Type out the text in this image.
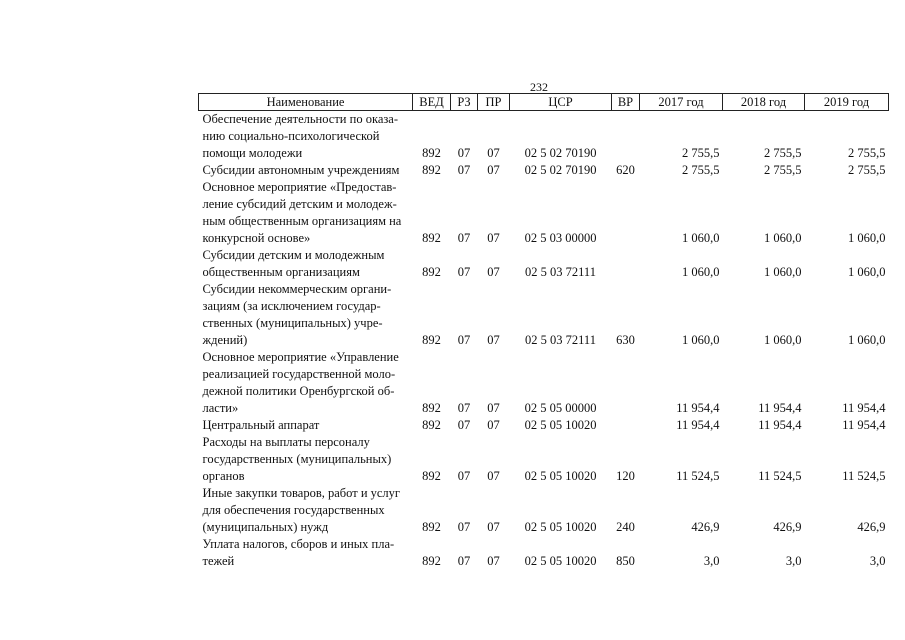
232
Наименование	ВЕД	РЗ	ПР	ЦСР	ВР	2017 год	2018 год	2019 год

Обеспечение деятельности по оказа-
нию социально-психологической
помощи молодежи	892	07	07	02 5 02 70190		2 755,5	2 755,5	2 755,5

Субсидии автономным учреждениям	892	07	07	02 5 02 70190	620	2 755,5	2 755,5	2 755,5

Основное мероприятие «Предостав-
ление субсидий детским и молодеж-
ным общественным организациям на
конкурсной основе»	892	07	07	02 5 03 00000		1 060,0	1 060,0	1 060,0

Субсидии детским и молодежным
общественным организациям	892	07	07	02 5 03 72111		1 060,0	1 060,0	1 060,0

Субсидии некоммерческим органи-
зациям (за исключением государ-
ственных (муниципальных) учре-
ждений)	892	07	07	02 5 03 72111	630	1 060,0	1 060,0	1 060,0

Основное мероприятие «Управление
реализацией государственной моло-
дежной политики Оренбургской об-
ласти»	892	07	07	02 5 05 00000		11 954,4	11 954,4	11 954,4

Центральный аппарат	892	07	07	02 5 05 10020		11 954,4	11 954,4	11 954,4

Расходы на выплаты персоналу
государственных (муниципальных)
органов	892	07	07	02 5 05 10020	120	11 524,5	11 524,5	11 524,5

Иные закупки товаров, работ и услуг
для обеспечения государственных
(муниципальных) нужд	892	07	07	02 5 05 10020	240	426,9	426,9	426,9

Уплата налогов, сборов и иных пла-
тежей	892	07	07	02 5 05 10020	850	3,0	3,0	3,0
